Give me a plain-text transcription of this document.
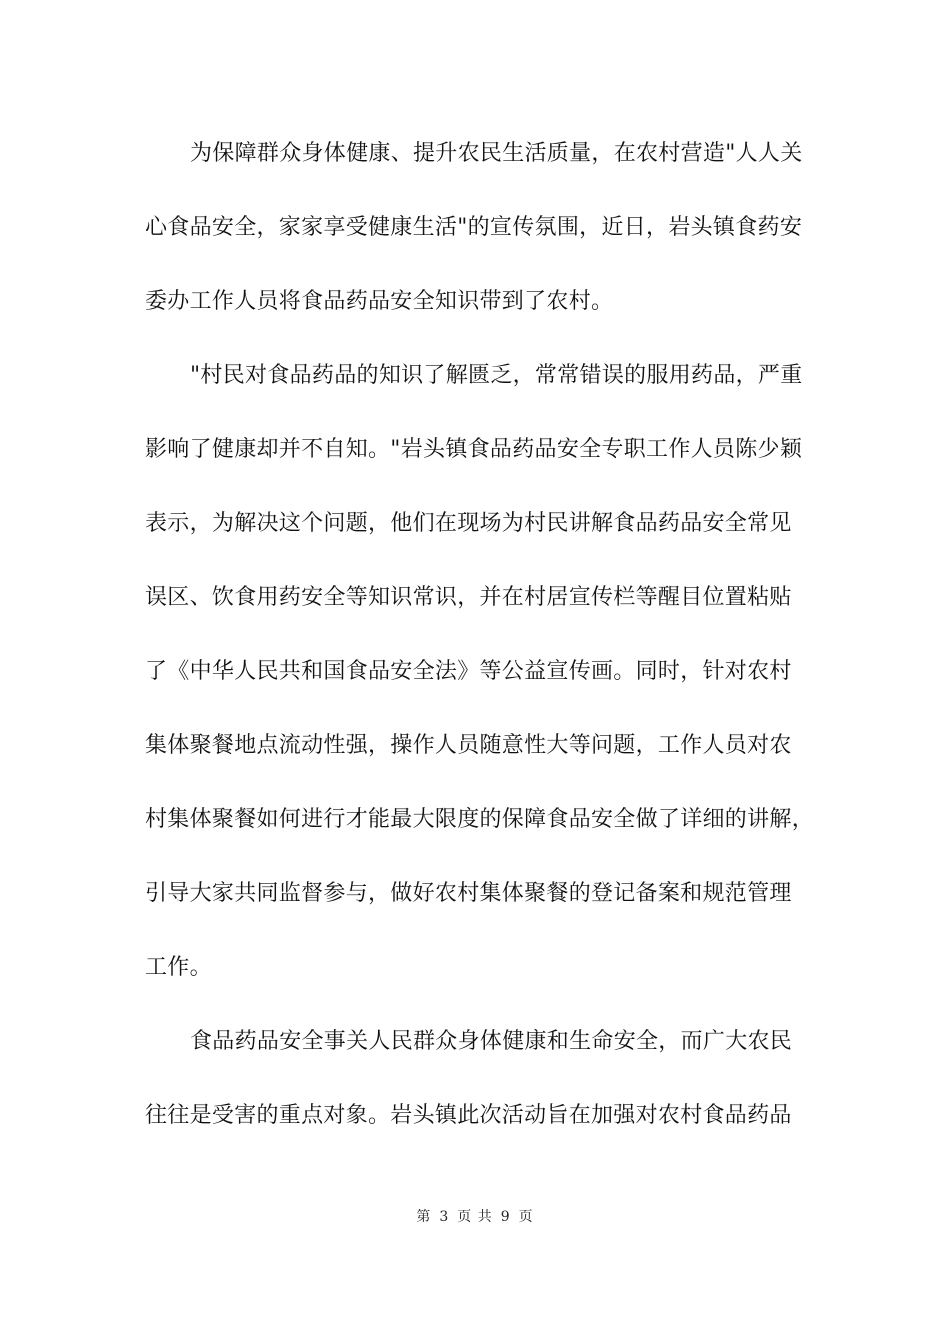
为保障群众身体健康、提升农民生活质量，在农村营造"人人关
心食品安全，家家享受健康生活"的宣传氛围，近日，岩头镇食药安
委办工作人员将食品药品安全知识带到了农村。
"村民对食品药品的知识了解匮乏，常常错误的服用药品，严重
影响了健康却并不自知。"岩头镇食品药品安全专职工作人员陈少颖
表示，为解决这个问题，他们在现场为村民讲解食品药品安全常见
误区、饮食用药安全等知识常识，并在村居宣传栏等醒目位置粘贴
了《中华人民共和国食品安全法》等公益宣传画。同时，针对农村
集体聚餐地点流动性强，操作人员随意性大等问题，工作人员对农
村集体聚餐如何进行才能最大限度的保障食品安全做了详细的讲解，
引导大家共同监督参与，做好农村集体聚餐的登记备案和规范管理
工作。
食品药品安全事关人民群众身体健康和生命安全，而广大农民
往往是受害的重点对象。岩头镇此次活动旨在加强对农村食品药品
第 3 页 共 9 页
